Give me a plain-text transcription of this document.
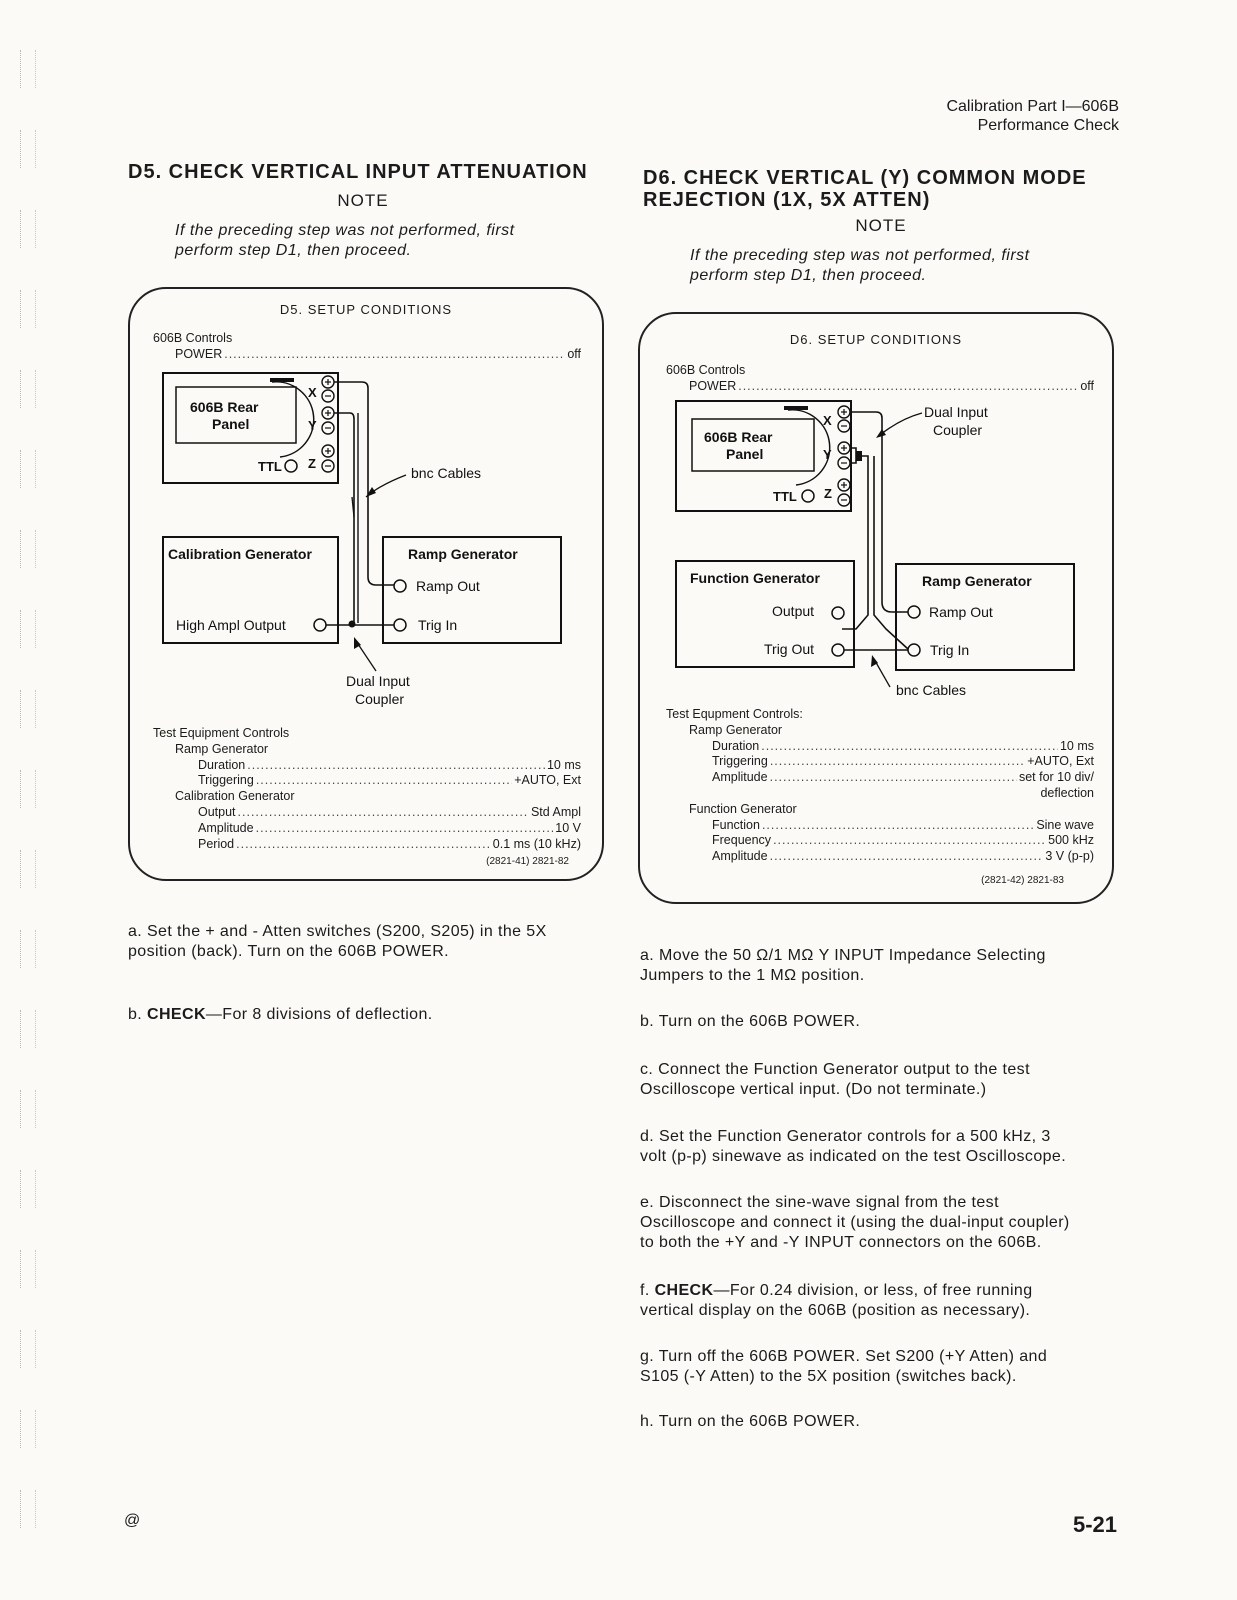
Calibration Part I—606B
Performance Check
D5. CHECK VERTICAL INPUT ATTENUATION
NOTE
If the preceding step was not performed, first
perform step D1, then proceed.
D5. SETUP CONDITIONS
606B Controls
POWER .....	off
606B Rear
Panel
X
Y
Z
TTL	bnc Cables
Calibration Generator
High Ampl Output
Ramp Generator
Ramp Out
Trig In
Dual Input
Coupler
Test Equipment Controls
Ramp Generator
Duration .....	10 ms
Triggering .....	+AUTO, Ext
Calibration Generator
Output .....	Std Ampl
Amplitude .....	10 V
Period .....	0.1 ms (10 kHz)
(2821-41) 2821-82
a. Set the + and - Atten switches (S200, S205) in the 5X
position (back). Turn on the 606B POWER.
b. CHECK—For 8 divisions of deflection.
D6. CHECK VERTICAL (Y) COMMON MODE
REJECTION (1X, 5X ATTEN)
NOTE
If the preceding step was not performed, first
perform step D1, then proceed.
D6. SETUP CONDITIONS
606B Controls
POWER .....	off
606B Rear
Panel
X
Y
Z
TTL
Dual Input
Coupler
Function Generator
Output
Trig Out
Ramp Generator
Ramp Out
Trig In
bnc Cables
Test Equpment Controls:
Ramp Generator
Duration .....	10 ms
Triggering .....	+AUTO, Ext
Amplitude .....	set for 10 div/
deflection
Function Generator
Function .....	Sine wave
Frequency .....	500 kHz
Amplitude .....	3 V (p-p)
(2821-42) 2821-83
a. Move the 50 Ω/1 MΩ Y INPUT Impedance Selecting
Jumpers to the 1 MΩ position.
b. Turn on the 606B POWER.
c. Connect the Function Generator output to the test
Oscilloscope vertical input. (Do not terminate.)
d. Set the Function Generator controls for a 500 kHz, 3
volt (p-p) sinewave as indicated on the test Oscilloscope.
e. Disconnect the sine-wave signal from the test
Oscilloscope and connect it (using the dual-input coupler)
to both the +Y and -Y INPUT connectors on the 606B.
f. CHECK—For 0.24 division, or less, of free running
vertical display on the 606B (position as necessary).
g. Turn off the 606B POWER. Set S200 (+Y Atten) and
S105 (-Y Atten) to the 5X position (switches back).
h. Turn on the 606B POWER.
@	5-21
